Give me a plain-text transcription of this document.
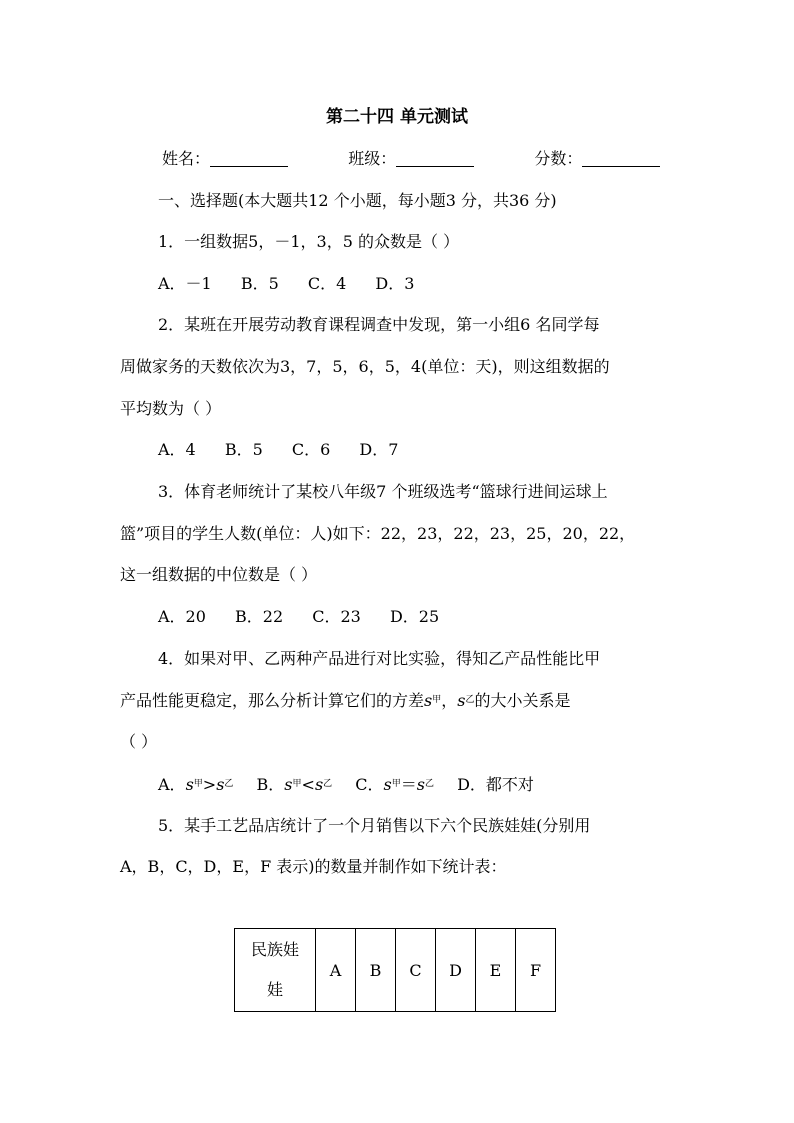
第二十四 单元测试
姓名：	班级：	分数：
一、选择题(本大题共12 个小题，每小题3 分，共36 分)
1．一组数据5，－1，3，5 的众数是（ ）
A．－1 B．5 C．4 D．3
2．某班在开展劳动教育课程调查中发现，第一小组6 名同学每
周做家务的天数依次为3，7，5，6，5，4(单位：天)，则这组数据的
平均数为（ ）
A．4 B．5 C．6 D．7
3．体育老师统计了某校八年级7 个班级选考“篮球行进间运球上
篮”项目的学生人数(单位：人)如下：22，23，22，23，25，20，22，
这一组数据的中位数是（ ）
A．20 B．22 C．23 D．25
4．如果对甲、乙两种产品进行对比实验，得知乙产品性能比甲
产品性能更稳定，那么分析计算它们的方差$s_甲$，$s_乙$的大小关系是
（ ）
A．$s_甲>s_乙$ B．$s_甲<s_乙$ C．$s_甲=s_乙$ D．都不对
5．某手工艺品店统计了一个月销售以下六个民族娃娃(分别用
A，B，C，D，E，F 表示)的数量并制作如下统计表：
民族娃
娃	A	B	C	D	E	F
